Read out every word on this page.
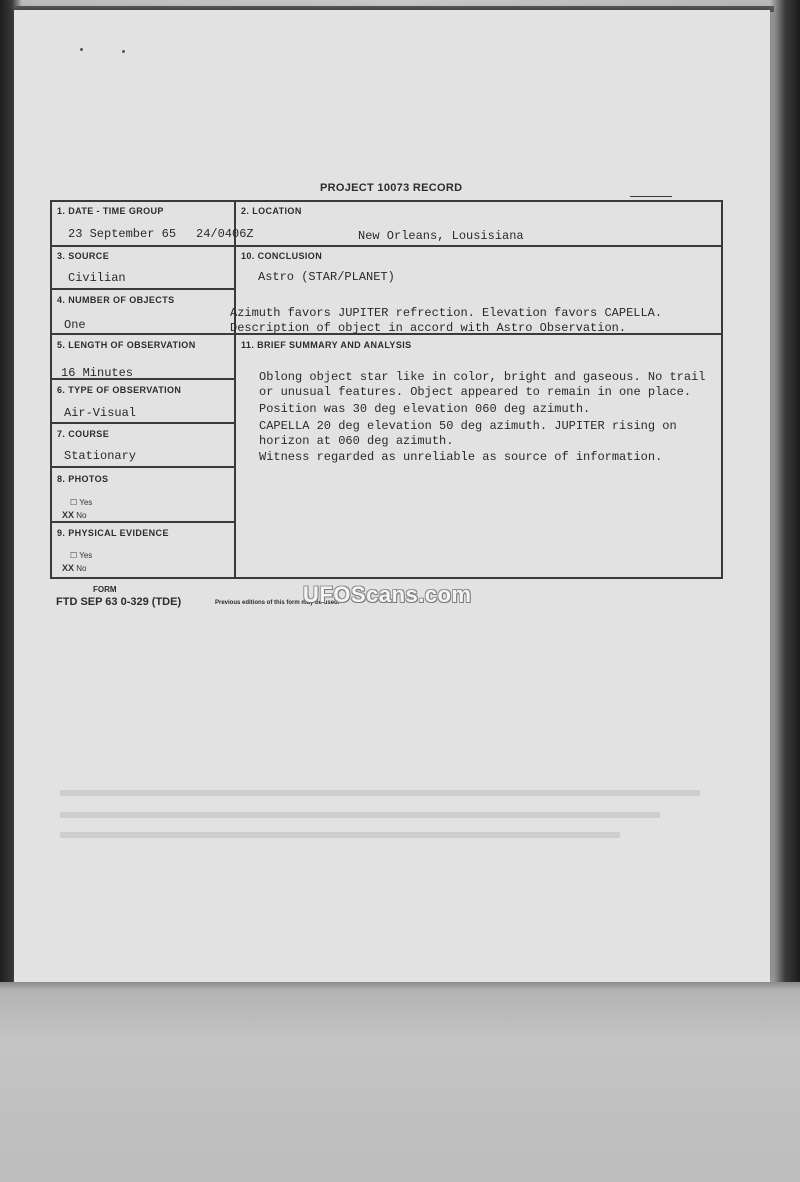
PROJECT 10073 RECORD
1. DATE - TIME GROUP
23 September 65 24/0406Z
2. LOCATION
New Orleans, Lousisiana
3. SOURCE
Civilian
10. CONCLUSION
Astro (STAR/PLANET)
Azimuth favors JUPITER refrection. Elevation favors CAPELLA.
Description of object in accord with Astro Observation.
4. NUMBER OF OBJECTS
One
5. LENGTH OF OBSERVATION
16 Minutes
6. TYPE OF OBSERVATION
Air-Visual
7. COURSE
Stationary
8. PHOTOS
☐ Yes
XX No
9. PHYSICAL EVIDENCE
☐ Yes
XX No
11. BRIEF SUMMARY AND ANALYSIS
Oblong object star like in color, bright and gaseous. No trail
or unusual features. Object appeared to remain in one place.
Position was 30 deg elevation 060 deg azimuth.
CAPELLA 20 deg elevation 50 deg azimuth. JUPITER rising on
horizon at 060 deg azimuth.
Witness regarded as unreliable as source of information.
FORM
FTD SEP 63 0-329 (TDE)	Previous editions of this form may be used.
UFOScans.com
